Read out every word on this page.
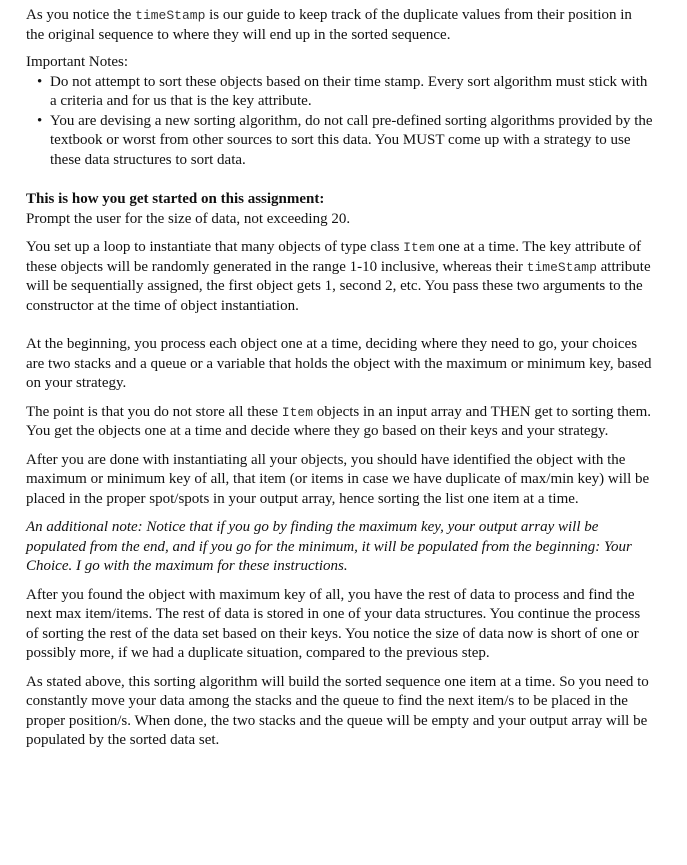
As you notice the timeStamp is our guide to keep track of the duplicate values from their position in the original sequence to where they will end up in the sorted sequence.

Important Notes:

• Do not attempt to sort these objects based on their time stamp. Every sort algorithm must stick with a criteria and for us that is the key attribute.
• You are devising a new sorting algorithm, do not call pre-defined sorting algorithms provided by the textbook or worst from other sources to sort this data. You MUST come up with a strategy to use these data structures to sort data.

This is how you get started on this assignment:

Prompt the user for the size of data, not exceeding 20.

You set up a loop to instantiate that many objects of type class Item one at a time. The key attribute of these objects will be randomly generated in the range 1-10 inclusive, whereas their timeStamp attribute will be sequentially assigned, the first object gets 1, second 2, etc. You pass these two arguments to the constructor at the time of object instantiation.

At the beginning, you process each object one at a time, deciding where they need to go, your choices are two stacks and a queue or a variable that holds the object with the maximum or minimum key, based on your strategy.

The point is that you do not store all these Item objects in an input array and THEN get to sorting them. You get the objects one at a time and decide where they go based on their keys and your strategy.

After you are done with instantiating all your objects, you should have identified the object with the maximum or minimum key of all, that item (or items in case we have duplicate of max/min key) will be placed in the proper spot/spots in your output array, hence sorting the list one item at a time.

An additional note: Notice that if you go by finding the maximum key, your output array will be populated from the end, and if you go for the minimum, it will be populated from the beginning: Your Choice. I go with the maximum for these instructions.

After you found the object with maximum key of all, you have the rest of data to process and find the next max item/items. The rest of data is stored in one of your data structures. You continue the process of sorting the rest of the data set based on their keys. You notice the size of data now is short of one or possibly more, if we had a duplicate situation, compared to the previous step.

As stated above, this sorting algorithm will build the sorted sequence one item at a time. So you need to constantly move your data among the stacks and the queue to find the next item/s to be placed in the proper position/s. When done, the two stacks and the queue will be empty and your output array will be populated by the sorted data set.
